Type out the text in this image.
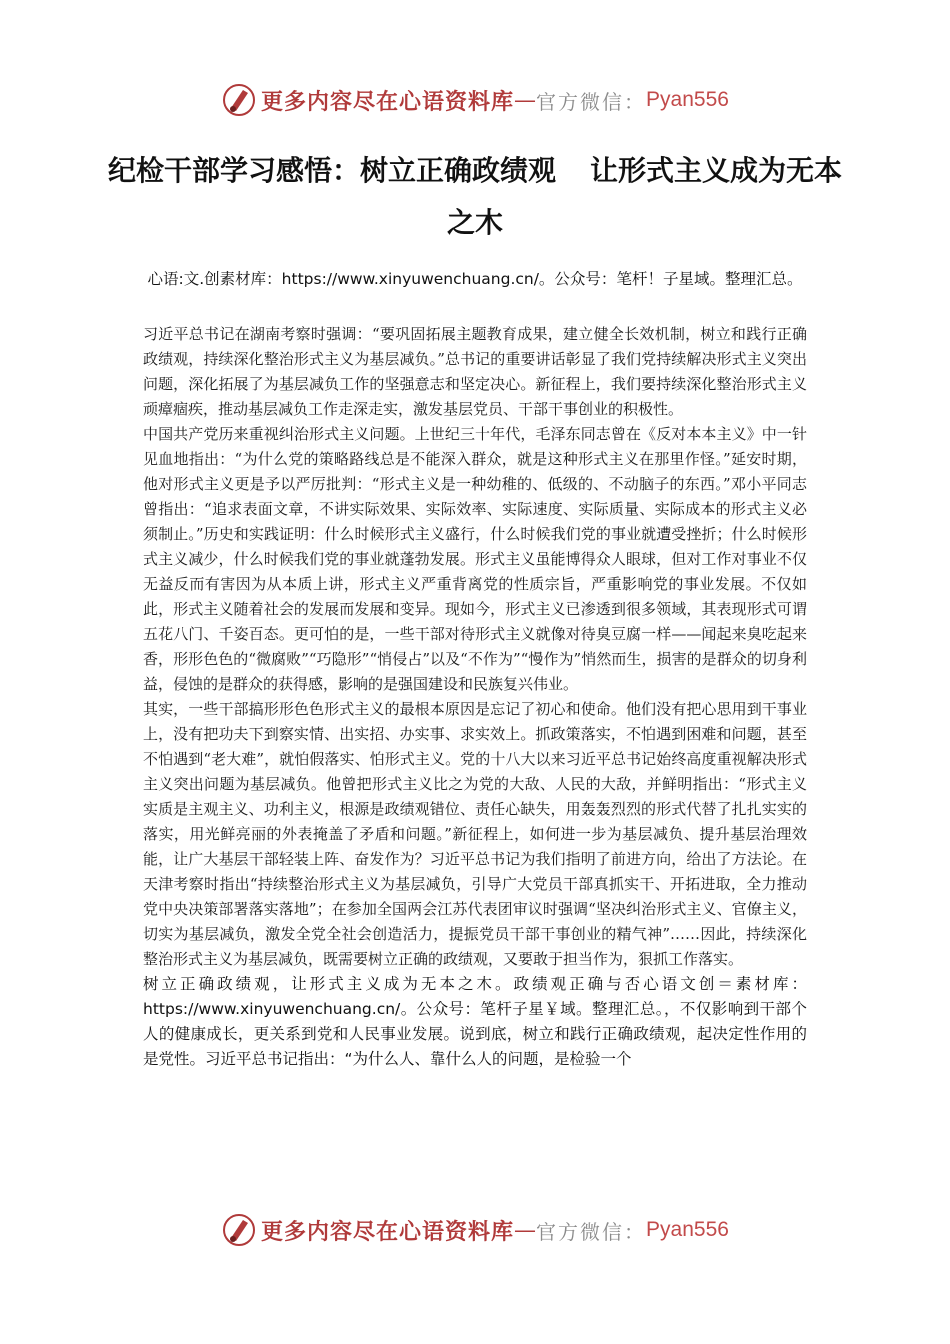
更多内容尽在心语资料库 — 官方微信： Pyan556
纪检干部学习感悟：树立正确政绩观 让形式主义成为无本之木
心语:文.创素材库：https://www.xinyuwenchuang.cn/。公众号：笔杆！子星域。整理汇总。

习近平总书记在湖南考察时强调：“要巩固拓展主题教育成果，建立健全长效机制，树立和践行正确政绩观，持续深化整治形式主义为基层减负。”总书记的重要讲话彰显了我们党持续解决形式主义突出问题，深化拓展了为基层减负工作的坚强意志和坚定决心。新征程上，我们要持续深化整治形式主义顽瘴痼疾，推动基层减负工作走深走实，激发基层党员、干部干事创业的积极性。

中国共产党历来重视纠治形式主义问题。上世纪三十年代，毛泽东同志曾在《反对本本主义》中一针见血地指出：“为什么党的策略路线总是不能深入群众，就是这种形式主义在那里作怪。”延安时期，他对形式主义更是予以严厉批判：“形式主义是一种幼稚的、低级的、不动脑子的东西。”邓小平同志曾指出：“追求表面文章，不讲实际效果、实际效率、实际速度、实际质量、实际成本的形式主义必须制止。”历史和实践证明：什么时候形式主义盛行，什么时候我们党的事业就遭受挫折；什么时候形式主义减少，什么时候我们党的事业就蓬勃发展。形式主义虽能博得众人眼球，但对工作对事业不仅无益反而有害因为从本质上讲，形式主义严重背离党的性质宗旨，严重影响党的事业发展。不仅如此，形式主义随着社会的发展而发展和变异。现如今，形式主义已渗透到很多领域，其表现形式可谓五花八门、千姿百态。更可怕的是，一些干部对待形式主义就像对待臭豆腐一样——闻起来臭吃起来香，形形色色的“微腐败”“巧隐形”“悄侵占”以及“不作为”“慢作为”悄然而生，损害的是群众的切身利益，侵蚀的是群众的获得感，影响的是强国建设和民族复兴伟业。

其实，一些干部搞形形色色形式主义的最根本原因是忘记了初心和使命。他们没有把心思用到干事业上，没有把功夫下到察实情、出实招、办实事、求实效上。抓政策落实，不怕遇到困难和问题，甚至不怕遇到“老大难”，就怕假落实、怕形式主义。党的十八大以来习近平总书记始终高度重视解决形式主义突出问题为基层减负。他曾把形式主义比之为党的大敌、人民的大敌，并鲜明指出：“形式主义实质是主观主义、功利主义，根源是政绩观错位、责任心缺失，用轰轰烈烈的形式代替了扎扎实实的落实，用光鲜亮丽的外表掩盖了矛盾和问题。”新征程上，如何进一步为基层减负、提升基层治理效能，让广大基层干部轻装上阵、奋发作为？习近平总书记为我们指明了前进方向，给出了方法论。在天津考察时指出“持续整治形式主义为基层减负，引导广大党员干部真抓实干、开拓进取，全力推动党中央决策部署落实落地”；在参加全国两会江苏代表团审议时强调“坚决纠治形式主义、官僚主义，切实为基层减负，激发全党全社会创造活力，提振党员干部干事创业的精气神”……因此，持续深化整治形式主义为基层减负，既需要树立正确的政绩观，又要敢于担当作为，狠抓工作落实。

树立正确政绩观，让形式主义成为无本之木。政绩观正确与否心语文创＝素材库：https://www.xinyuwenchuang.cn/。公众号：笔杆子星￥域。整理汇总。，不仅影响到干部个人的健康成长，更关系到党和人民事业发展。说到底，树立和践行正确政绩观，起决定性作用的是党性。习近平总书记指出：“为什么人、靠什么人的问题，是检验一个

更多内容尽在心语资料库 — 官方微信： Pyan556
